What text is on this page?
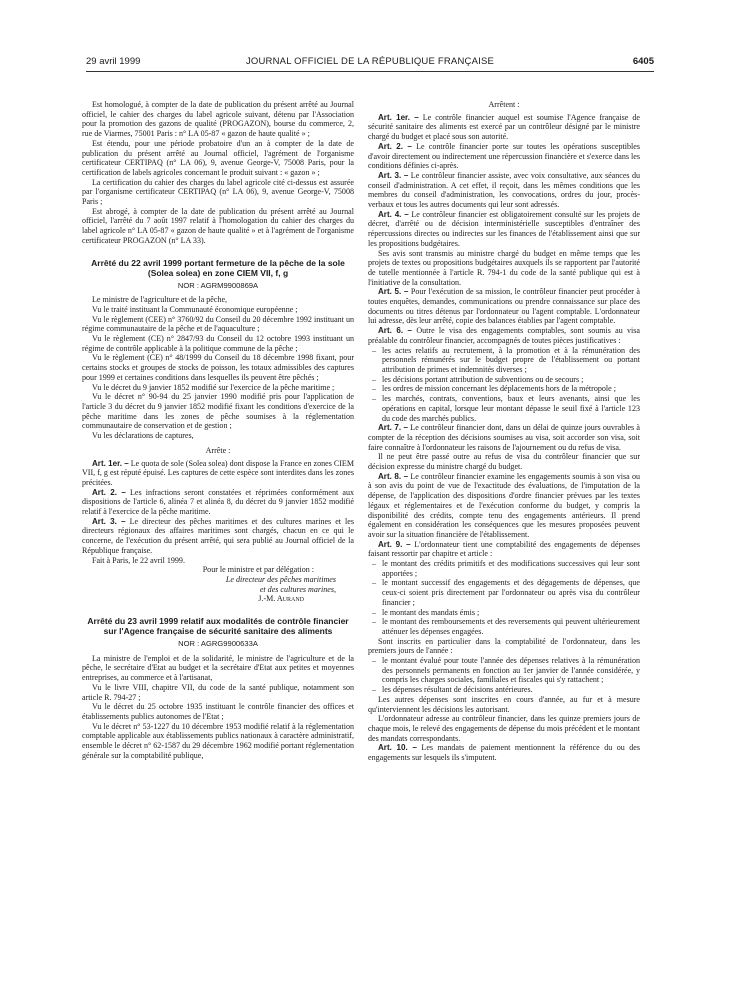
29 avril 1999	JOURNAL OFFICIEL DE LA RÉPUBLIQUE FRANÇAISE	6405

Est homologué, à compter de la date de publication du présent arrêté au Journal officiel, le cahier des charges du label agricole suivant, détenu par l'Association pour la promotion des gazons de qualité (PROGAZON), bourse du commerce, 2, rue de Viarmes, 75001 Paris : n° LA 05-87 « gazon de haute qualité » ;

Est étendu, pour une période probatoire d'un an à compter de la date de publication du présent arrêté au Journal officiel, l'agrément de l'organisme certificateur CERTIPAQ (n° LA 06), 9, avenue George-V, 75008 Paris, pour la certification de labels agricoles concernant le produit suivant : « gazon » ;

La certification du cahier des charges du label agricole cité ci-dessus est assurée par l'organisme certificateur CERTIPAQ (n° LA 06), 9, avenue George-V, 75008 Paris ;

Est abrogé, à compter de la date de publication du présent arrêté au Journal officiel, l'arrêté du 7 août 1997 relatif à l'homologation du cahier des charges du label agricole n° LA 05-87 « gazon de haute qualité » et à l'agrément de l'organisme certificateur PROGAZON (n° LA 33).

Arrêté du 22 avril 1999 portant fermeture de la pêche de la sole (Solea solea) en zone CIEM VII, f, g

NOR : AGRM9900869A

Le ministre de l'agriculture et de la pêche,

Vu le traité instituant la Communauté économique européenne ;

Vu le règlement (CEE) n° 3760/92 du Conseil du 20 décembre 1992 instituant un régime communautaire de la pêche et de l'aquaculture ;

Vu le règlement (CE) n° 2847/93 du Conseil du 12 octobre 1993 instituant un régime de contrôle applicable à la politique commune de la pêche ;

Vu le règlement (CE) n° 48/1999 du Conseil du 18 décembre 1998 fixant, pour certains stocks et groupes de stocks de poisson, les totaux admissibles des captures pour 1999 et certaines conditions dans lesquelles ils peuvent être pêchés ;

Vu le décret du 9 janvier 1852 modifié sur l'exercice de la pêche maritime ;

Vu le décret n° 90-94 du 25 janvier 1990 modifié pris pour l'application de l'article 3 du décret du 9 janvier 1852 modifié fixant les conditions d'exercice de la pêche maritime dans les zones de pêche soumises à la réglementation communautaire de conservation et de gestion ;

Vu les déclarations de captures,

Arrête :

Art. 1er. – Le quota de sole (Solea solea) dont dispose la France en zones CIEM VII, f, g est réputé épuisé. Les captures de cette espèce sont interdites dans les zones précitées.

Art. 2. – Les infractions seront constatées et réprimées conformément aux dispositions de l'article 6, alinéa 7 et alinéa 8, du décret du 9 janvier 1852 modifié relatif à l'exercice de la pêche maritime.

Art. 3. – Le directeur des pêches maritimes et des cultures marines et les directeurs régionaux des affaires maritimes sont chargés, chacun en ce qui le concerne, de l'exécution du présent arrêté, qui sera publié au Journal officiel de la République française.

Fait à Paris, le 22 avril 1999.

Pour le ministre et par délégation :

Le directeur des pêches maritimes

et des cultures marines,

J.-M. Aurand

Arrêté du 23 avril 1999 relatif aux modalités de contrôle financier sur l'Agence française de sécurité sanitaire des aliments

NOR : AGRG9900633A

La ministre de l'emploi et de la solidarité, le ministre de l'agriculture et de la pêche, le secrétaire d'Etat au budget et la secrétaire d'Etat aux petites et moyennes entreprises, au commerce et à l'artisanat,

Vu le livre VIII, chapitre VII, du code de la santé publique, notamment son article R. 794-27 ;

Vu le décret du 25 octobre 1935 instituant le contrôle financier des offices et établissements publics autonomes de l'Etat ;

Vu le décret n° 53-1227 du 10 décembre 1953 modifié relatif à la réglementation comptable applicable aux établissements publics nationaux à caractère administratif, ensemble le décret n° 62-1587 du 29 décembre 1962 modifié portant réglementation générale sur la comptabilité publique,

Arrêtent :

Art. 1er. – Le contrôle financier auquel est soumise l'Agence française de sécurité sanitaire des aliments est exercé par un contrôleur désigné par le ministre chargé du budget et placé sous son autorité.

Art. 2. – Le contrôle financier porte sur toutes les opérations susceptibles d'avoir directement ou indirectement une répercussion financière et s'exerce dans les conditions définies ci-après.

Art. 3. – Le contrôleur financier assiste, avec voix consultative, aux séances du conseil d'administration. A cet effet, il reçoit, dans les mêmes conditions que les membres du conseil d'administration, les convocations, ordres du jour, procès-verbaux et tous les autres documents qui leur sont adressés.

Art. 4. – Le contrôleur financier est obligatoirement consulté sur les projets de décret, d'arrêté ou de décision interministérielle susceptibles d'entraîner des répercussions directes ou indirectes sur les finances de l'établissement ainsi que sur les propositions budgétaires.

Ses avis sont transmis au ministre chargé du budget en même temps que les projets de textes ou propositions budgétaires auxquels ils se rapportent par l'autorité de tutelle mentionnée à l'article R. 794-1 du code de la santé publique qui est à l'initiative de la consultation.

Art. 5. – Pour l'exécution de sa mission, le contrôleur financier peut procéder à toutes enquêtes, demandes, communications ou prendre connaissance sur place des documents ou titres détenus par l'ordonnateur ou l'agent comptable. L'ordonnateur lui adresse, dès leur arrêté, copie des balances établies par l'agent comptable.

Art. 6. – Outre le visa des engagements comptables, sont soumis au visa préalable du contrôleur financier, accompagnés de toutes pièces justificatives :

– les actes relatifs au recrutement, à la promotion et à la rémunération des personnels rémunérés sur le budget propre de l'établissement ou portant attribution de primes et indemnités diverses ;
– les décisions portant attribution de subventions ou de secours ;
– les ordres de mission concernant les déplacements hors de la métropole ;
– les marchés, contrats, conventions, baux et leurs avenants, ainsi que les opérations en capital, lorsque leur montant dépasse le seuil fixé à l'article 123 du code des marchés publics.

Art. 7. – Le contrôleur financier dont, dans un délai de quinze jours ouvrables à compter de la réception des décisions soumises au visa, soit accorder son visa, soit faire connaître à l'ordonnateur les raisons de l'ajournement ou du refus de visa.

Il ne peut être passé outre au refus de visa du contrôleur financier que sur décision expresse du ministre chargé du budget.

Art. 8. – Le contrôleur financier examine les engagements soumis à son visa ou à son avis du point de vue de l'exactitude des évaluations, de l'imputation de la dépense, de l'application des dispositions d'ordre financier prévues par les textes légaux et réglementaires et de l'exécution conforme du budget, y compris la disponibilité des crédits, compte tenu des engagements antérieurs. Il prend également en considération les conséquences que les mesures proposées peuvent avoir sur la situation financière de l'établissement.

Art. 9. – L'ordonnateur tient une comptabilité des engagements de dépenses faisant ressortir par chapitre et article :

– le montant des crédits primitifs et des modifications successives qui leur sont apportées ;
– le montant successif des engagements et des dégagements de dépenses, que ceux-ci soient pris directement par l'ordonnateur ou après visa du contrôleur financier ;
– le montant des mandats émis ;
– le montant des remboursements et des reversements qui peuvent ultérieurement atténuer les dépenses engagées.

Sont inscrits en particulier dans la comptabilité de l'ordonnateur, dans les premiers jours de l'année :

– le montant évalué pour toute l'année des dépenses relatives à la rémunération des personnels permanents en fonction au 1er janvier de l'année considérée, y compris les charges sociales, familiales et fiscales qui s'y rattachent ;
– les dépenses résultant de décisions antérieures.

Les autres dépenses sont inscrites en cours d'année, au fur et à mesure qu'interviennent les décisions les autorisant.

L'ordonnateur adresse au contrôleur financier, dans les quinze premiers jours de chaque mois, le relevé des engagements de dépense du mois précédent et le montant des mandats correspondants.

Art. 10. – Les mandats de paiement mentionnent la référence du ou des engagements sur lesquels ils s'imputent.
